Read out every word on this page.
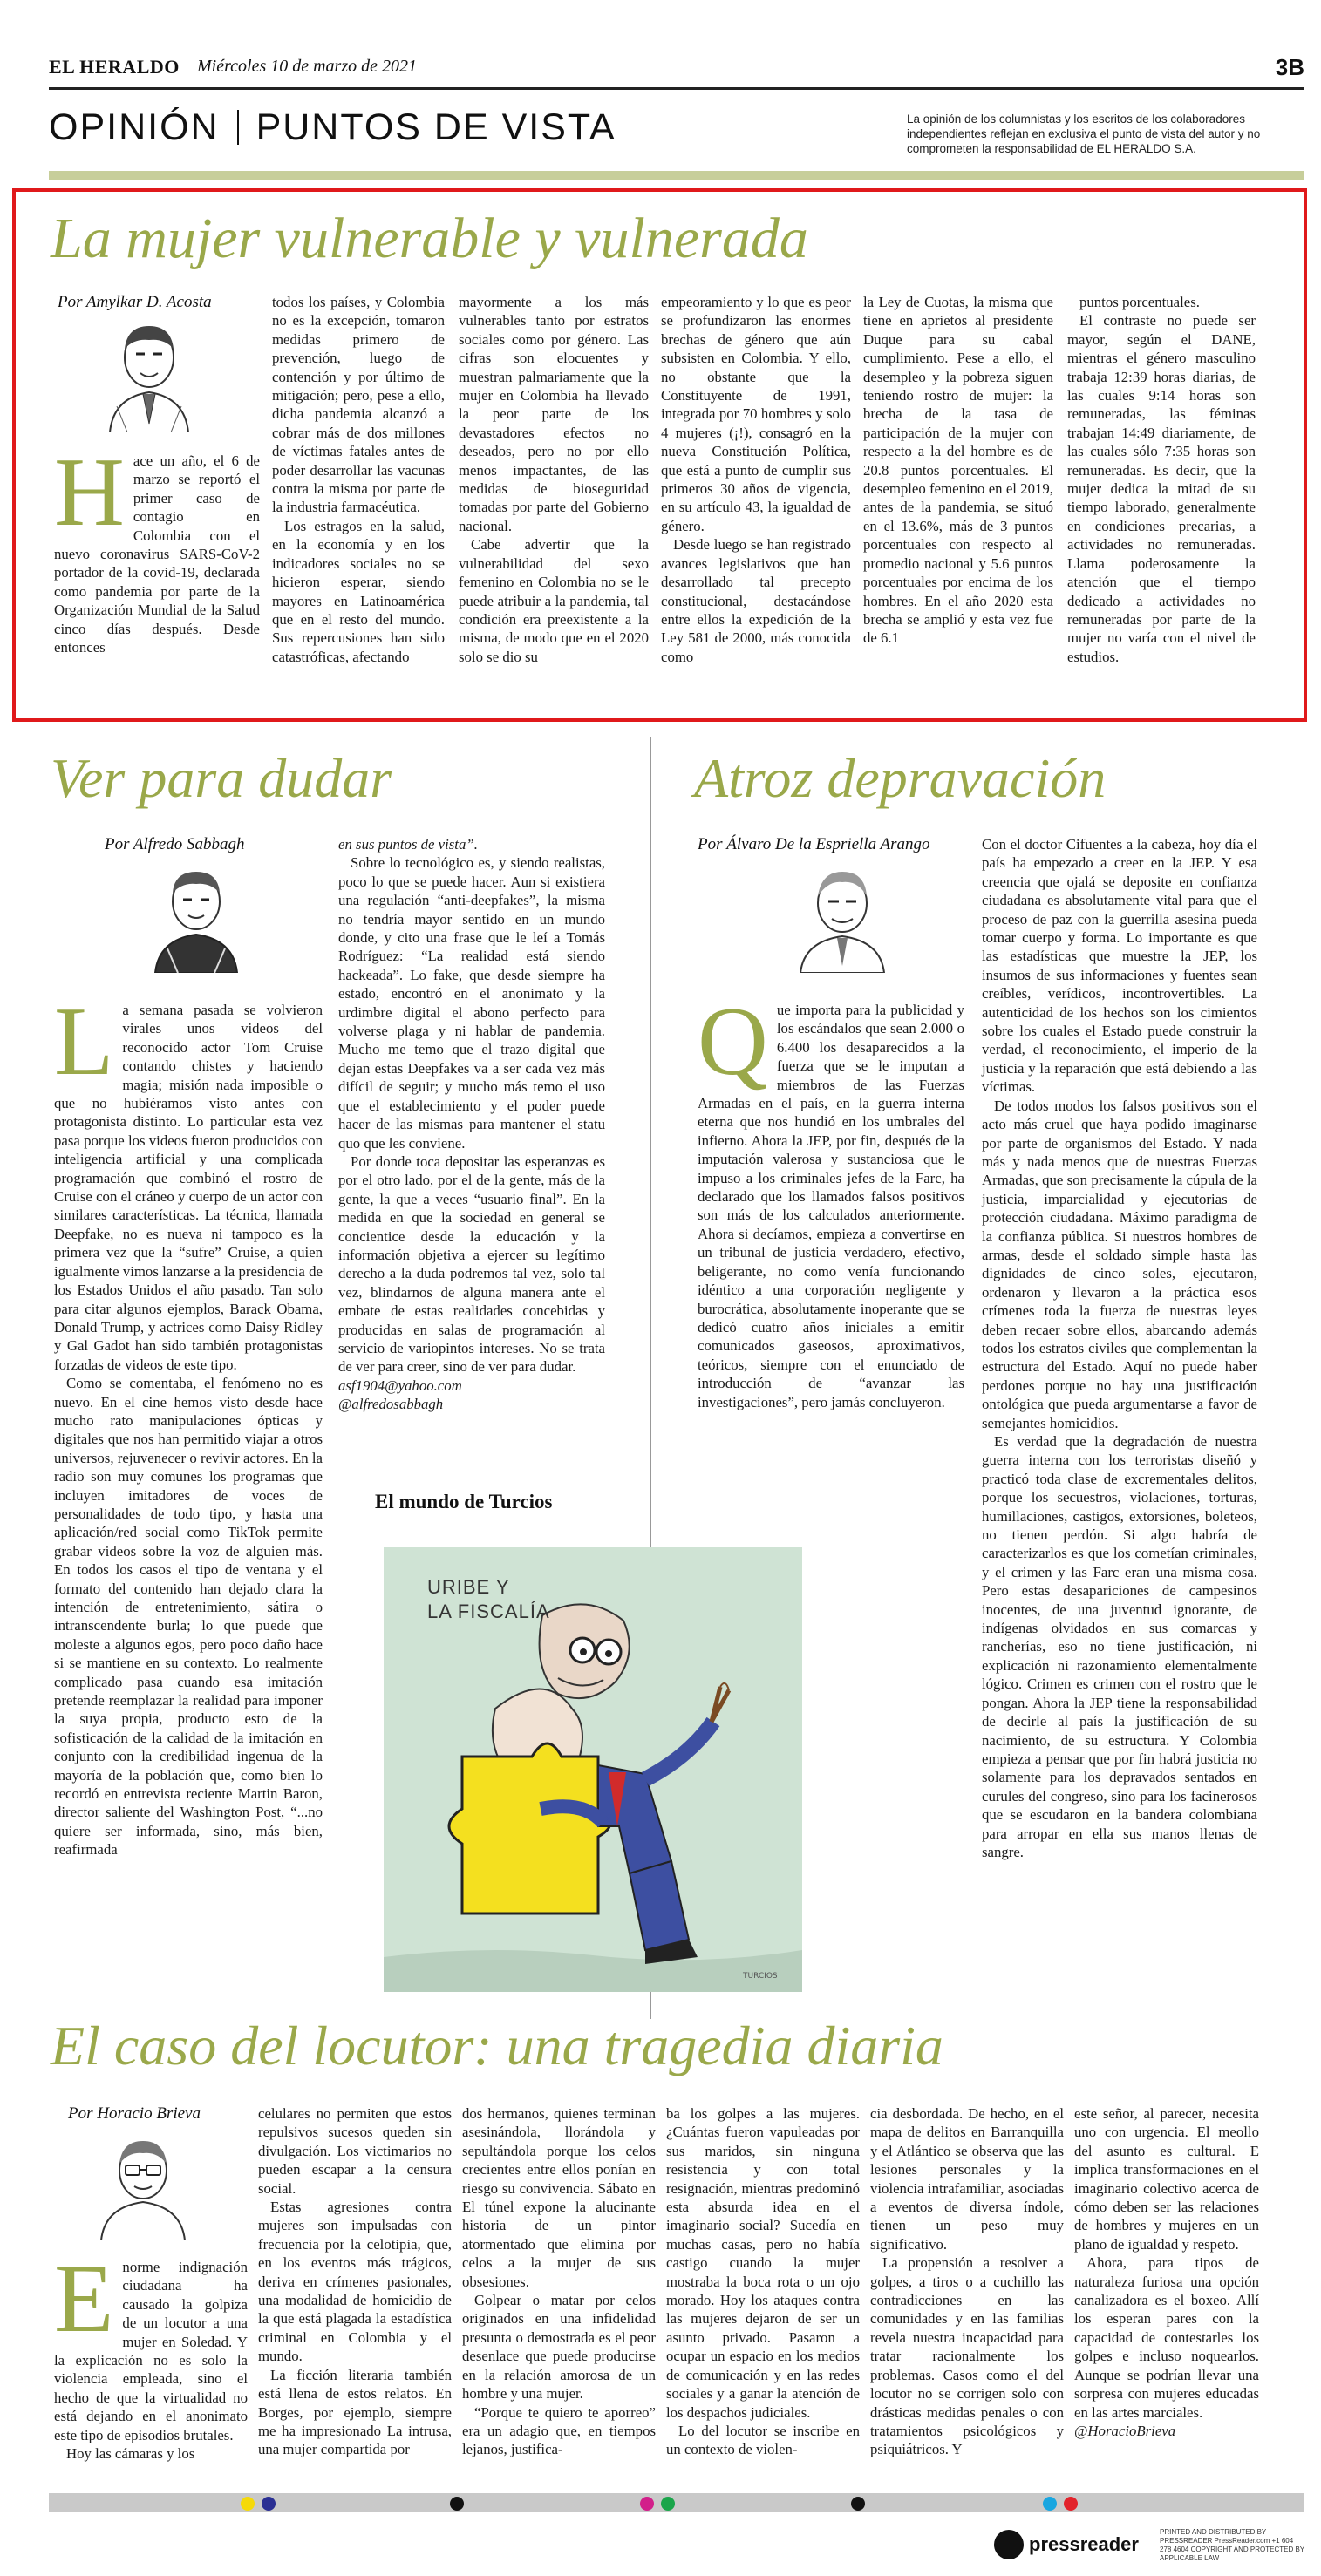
EL HERALDO Miércoles 10 de marzo de 2021	3B
OPINIÓN PUNTOS DE VISTA	La opinión de los columnistas y los escritos de los colaboradores independientes reflejan en exclusiva el punto de vista del autor y no comprometen la responsabilidad de EL HERALDO S.A.
La mujer vulnerable y vulnerada
Por Amylkar D. Acosta
H ace un año, el 6 de marzo se reportó el primer caso de contagio en Colombia con el nuevo coronavirus SARS-CoV-2 portador de la covid-19, declarada como pandemia por parte de la Organización Mundial de la Salud cinco días después. Desde entonces

todos los países, y Colombia no es la excepción, tomaron medidas primero de prevención, luego de contención y por último de mitigación; pero, pese a ello, dicha pandemia alcanzó a cobrar más de dos millones de víctimas fatales antes de poder desarrollar las vacunas contra la misma por parte de la industria farmacéutica.

Los estragos en la salud, en la economía y en los indicadores sociales no se hicieron esperar, siendo mayores en Latinoamérica que en el resto del mundo. Sus repercusiones han sido catastróficas, afectando

mayormente a los más vulnerables tanto por estratos sociales como por género. Las cifras son elocuentes y muestran palmariamente que la mujer en Colombia ha llevado la peor parte de los devastadores efectos no deseados, pero no por ello menos impactantes, de las medidas de bioseguridad tomadas por parte del Gobierno nacional.

Cabe advertir que la vulnerabilidad del sexo femenino en Colombia no se le puede atribuir a la pandemia, tal condición era preexistente a la misma, de modo que en el 2020 solo se dio su

empeoramiento y lo que es peor se profundizaron las enormes brechas de género que aún subsisten en Colombia. Y ello, no obstante que la Constituyente de 1991, integrada por 70 hombres y solo 4 mujeres (¡!), consagró en la nueva Constitución Política, que está a punto de cumplir sus primeros 30 años de vigencia, en su artículo 43, la igualdad de género.

Desde luego se han registrado avances legislativos que han desarrollado tal precepto constitucional, destacándose entre ellos la expedición de la Ley 581 de 2000, más conocida como

la Ley de Cuotas, la misma que tiene en aprietos al presidente Duque para su cabal cumplimiento. Pese a ello, el desempleo y la pobreza siguen teniendo rostro de mujer: la brecha de la tasa de participación de la mujer con respecto a la del hombre es de 20.8 puntos porcentuales. El desempleo femenino en el 2019, antes de la pandemia, se situó en el 13.6%, más de 3 puntos porcentuales con respecto al promedio nacional y 5.6 puntos porcentuales por encima de los hombres. En el año 2020 esta brecha se amplió y esta vez fue de 6.1

puntos porcentuales.

El contraste no puede ser mayor, según el DANE, mientras el género masculino trabaja 12:39 horas diarias, de las cuales 9:14 horas son remuneradas, las féminas trabajan 14:49 diariamente, de las cuales sólo 7:35 horas son remuneradas. Es decir, que la mujer dedica la mitad de su tiempo laborado, generalmente en condiciones precarias, a actividades no remuneradas. Llama poderosamente la atención que el tiempo dedicado a actividades no remuneradas por parte de la mujer no varía con el nivel de estudios.

Ver para dudar
Por Alfredo Sabbagh
L a semana pasada se volvieron virales unos videos del reconocido actor Tom Cruise contando chistes y haciendo magia; misión nada imposible o que no hubiéramos visto antes con protagonista distinto. Lo particular esta vez pasa porque los videos fueron producidos con inteligencia artificial y una complicada programación que combinó el rostro de Cruise con el cráneo y cuerpo de un actor con similares características. La técnica, llamada Deepfake, no es nueva ni tampoco es la primera vez que la “sufre” Cruise, a quien igualmente vimos lanzarse a la presidencia de los Estados Unidos el año pasado. Tan solo para citar algunos ejemplos, Barack Obama, Donald Trump, y actrices como Daisy Ridley y Gal Gadot han sido también protagonistas forzadas de videos de este tipo.

Como se comentaba, el fenómeno no es nuevo. En el cine hemos visto desde hace mucho rato manipulaciones ópticas y digitales que nos han permitido viajar a otros universos, rejuvenecer o revivir actores. En la radio son muy comunes los programas que incluyen imitadores de voces de personalidades de todo tipo, y hasta una aplicación/red social como TikTok permite grabar videos sobre la voz de alguien más. En todos los casos el tipo de ventana y el formato del contenido han dejado clara la intención de entretenimiento, sátira o intranscendente burla; lo que puede que moleste a algunos egos, pero poco daño hace si se mantiene en su contexto. Lo realmente complicado pasa cuando esa imitación pretende reemplazar la realidad para imponer la suya propia, producto esto de la sofisticación de la calidad de la imitación en conjunto con la credibilidad ingenua de la mayoría de la población que, como bien lo recordó en entrevista reciente Martin Baron, director saliente del Washington Post, “...no quiere ser informada, sino, más bien, reafirmada

en sus puntos de vista”.

Sobre lo tecnológico es, y siendo realistas, poco lo que se puede hacer. Aun si existiera una regulación “anti-deepfakes”, la misma no tendría mayor sentido en un mundo donde, y cito una frase que le leí a Tomás Rodríguez: “La realidad está siendo hackeada”. Lo fake, que desde siempre ha estado, encontró en el anonimato y la urdimbre digital el abono perfecto para volverse plaga y ni hablar de pandemia. Mucho me temo que el trazo digital que dejan estas Deepfakes va a ser cada vez más difícil de seguir; y mucho más temo el uso que el establecimiento y el poder puede hacer de las mismas para mantener el statu quo que les conviene.

Por donde toca depositar las esperanzas es por el otro lado, por el de la gente, más de la gente, la que a veces “usuario final”. En la medida en que la sociedad en general se concientice desde la educación y la información objetiva a ejercer su legítimo derecho a la duda podremos tal vez, solo tal vez, blindarnos de alguna manera ante el embate de estas realidades concebidas y producidas en salas de programación al servicio de variopintos intereses. No se trata de ver para creer, sino de ver para dudar.

asf1904@yahoo.com

@alfredosabbagh

El mundo de Turcios
URIBE Y
LA FISCALÍA
TURCIOS
Atroz depravación
Por Álvaro De la Espriella Arango
Q ue importa para la publicidad y los escándalos que sean 2.000 o 6.400 los desaparecidos a la fuerza que se le imputan a miembros de las Fuerzas Armadas en el país, en la guerra interna eterna que nos hundió en los umbrales del infierno. Ahora la JEP, por fin, después de la imputación valerosa y sustanciosa que le impuso a los criminales jefes de la Farc, ha declarado que los llamados falsos positivos son más de los calculados anteriormente. Ahora si decíamos, empieza a convertirse en un tribunal de justicia verdadero, efectivo, beligerante, no como venía funcionando idéntico a una corporación negligente y burocrática, absolutamente inoperante que se dedicó cuatro años iniciales a emitir comunicados gaseosos, aproximativos, teóricos, siempre con el enunciado de introducción de “avanzar las investigaciones”, pero jamás concluyeron.

Con el doctor Cifuentes a la cabeza, hoy día el país ha empezado a creer en la JEP. Y esa creencia que ojalá se deposite en confianza ciudadana es absolutamente vital para que el proceso de paz con la guerrilla asesina pueda tomar cuerpo y forma. Lo importante es que las estadísticas que muestre la JEP, los insumos de sus informaciones y fuentes sean creíbles, verídicos, incontrovertibles. La autenticidad de los hechos son los cimientos sobre los cuales el Estado puede construir la verdad, el reconocimiento, el imperio de la justicia y la reparación que está debiendo a las víctimas.

De todos modos los falsos positivos son el acto más cruel que haya podido imaginarse por parte de organismos del Estado. Y nada más y nada menos que de nuestras Fuerzas Armadas, que son precisamente la cúpula de la justicia, imparcialidad y ejecutorias de protección ciudadana. Máximo paradigma de la confianza pública. Si nuestros hombres de armas, desde el soldado simple hasta las dignidades de cinco soles, ejecutaron, ordenaron y llevaron a la práctica esos crímenes toda la fuerza de nuestras leyes deben recaer sobre ellos, abarcando además todos los estratos civiles que complementan la estructura del Estado. Aquí no puede haber perdones porque no hay una justificación ontológica que pueda argumentarse a favor de semejantes homicidios.

Es verdad que la degradación de nuestra guerra interna con los terroristas diseñó y practicó toda clase de excrementales delitos, porque los secuestros, violaciones, torturas, humillaciones, castigos, extorsiones, boleteos, no tienen perdón. Si algo habría de caracterizarlos es que los cometían criminales, y el crimen y las Farc eran una misma cosa. Pero estas desapariciones de campesinos inocentes, de una juventud ignorante, de indígenas olvidados en sus comarcas y rancherías, eso no tiene justificación, ni explicación ni razonamiento elementalmente lógico. Crimen es crimen con el rostro que le pongan. Ahora la JEP tiene la responsabilidad de decirle al país la justificación de su nacimiento, de su estructura. Y Colombia empieza a pensar que por fin habrá justicia no solamente para los depravados sentados en curules del congreso, sino para los facinerosos que se escudaron en la bandera colombiana para arropar en ella sus manos llenas de sangre.

El caso del locutor: una tragedia diaria
Por Horacio Brieva
E norme indignación ciudadana ha causado la golpiza de un locutor a una mujer en Soledad. Y la explicación no es solo la violencia empleada, sino el hecho de que la virtualidad no está dejando en el anonimato este tipo de episodios brutales.

Hoy las cámaras y los

celulares no permiten que estos repulsivos sucesos queden sin divulgación. Los victimarios no pueden escapar a la censura social.

Estas agresiones contra mujeres son impulsadas con frecuencia por la celotipia, que, en los eventos más trágicos, deriva en crímenes pasionales, una modalidad de homicidio de la que está plagada la estadística criminal en Colombia y el mundo.

La ficción literaria también está llena de estos relatos. En Borges, por ejemplo, siempre me ha impresionado La intrusa, una mujer compartida por

dos hermanos, quienes terminan asesinándola, llorándola y sepultándola porque los celos crecientes entre ellos ponían en riesgo su convivencia. Sábato en El túnel expone la alucinante historia de un pintor atormentado que elimina por celos a la mujer de sus obsesiones.

Golpear o matar por celos originados en una infidelidad presunta o demostrada es el peor desenlace que puede producirse en la relación amorosa de un hombre y una mujer.

“Porque te quiero te aporreo” era un adagio que, en tiempos lejanos, justifica-

ba los golpes a las mujeres. ¿Cuántas fueron vapuleadas por sus maridos, sin ninguna resistencia y con total resignación, mientras predominó esta absurda idea en el imaginario social? Sucedía en muchas casas, pero no había castigo cuando la mujer mostraba la boca rota o un ojo morado. Hoy los ataques contra las mujeres dejaron de ser un asunto privado. Pasaron a ocupar un espacio en los medios de comunicación y en las redes sociales y a ganar la atención de los despachos judiciales.

Lo del locutor se inscribe en un contexto de violen-

cia desbordada. De hecho, en el mapa de delitos en Barranquilla y el Atlántico se observa que las lesiones personales y la violencia intrafamiliar, asociadas a eventos de diversa índole, tienen un peso muy significativo.

La propensión a resolver a golpes, a tiros o a cuchillo las contradicciones en las comunidades y en las familias revela nuestra incapacidad para tratar racionalmente los problemas. Casos como el del locutor no se corrigen solo con drásticas medidas penales o con tratamientos psicológicos y psiquiátricos. Y

este señor, al parecer, necesita uno con urgencia. El meollo del asunto es cultural. E implica transformaciones en el imaginario colectivo acerca de cómo deben ser las relaciones de hombres y mujeres en un plano de igualdad y respeto.

Ahora, para tipos de naturaleza furiosa una opción canalizadora es el boxeo. Allí los esperan pares con la capacidad de contestarles los golpes e incluso noquearlos. Aunque se podrían llevar una sorpresa con mujeres educadas en las artes marciales.

@HoracioBrieva

pressreader
PRINTED AND DISTRIBUTED BY PRESSREADER PressReader.com +1 604 278 4604 COPYRIGHT AND PROTECTED BY APPLICABLE LAW
